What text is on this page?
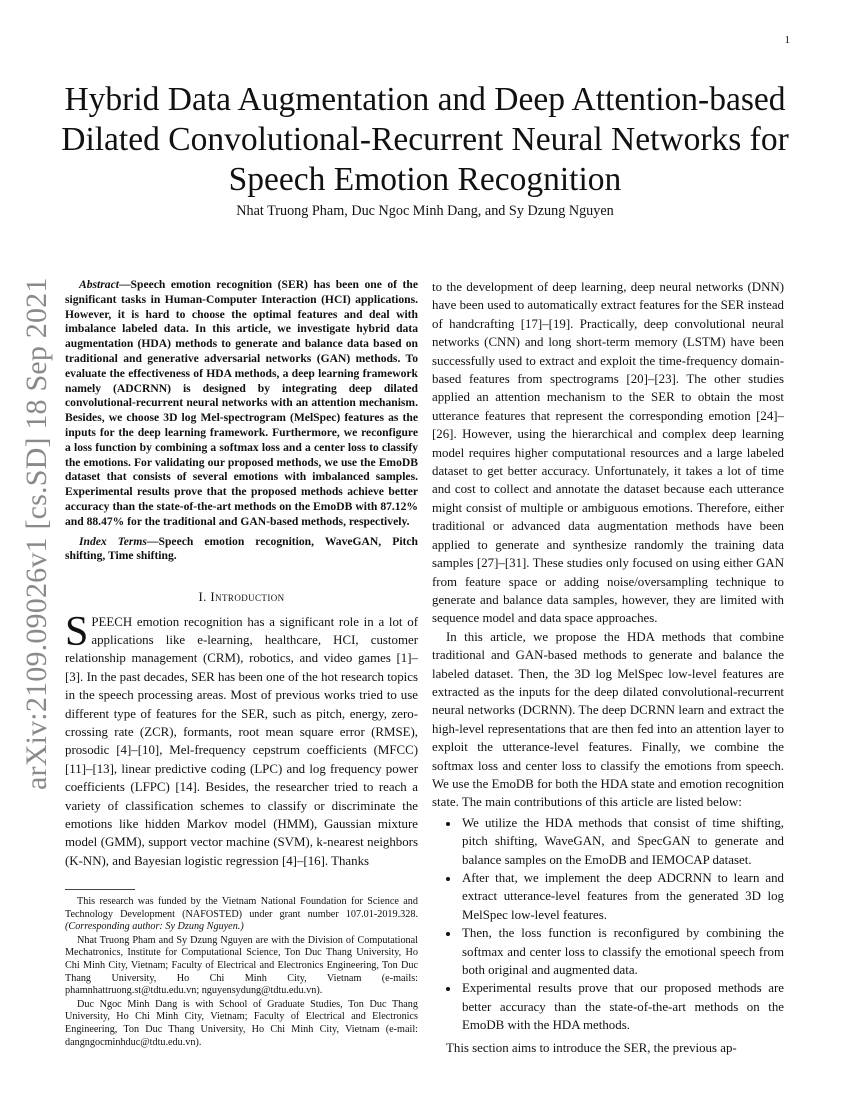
1
arXiv:2109.09026v1 [cs.SD] 18 Sep 2021
Hybrid Data Augmentation and Deep Attention-based Dilated Convolutional-Recurrent Neural Networks for Speech Emotion Recognition
Nhat Truong Pham, Duc Ngoc Minh Dang, and Sy Dzung Nguyen

Abstract—Speech emotion recognition (SER) has been one of the significant tasks in Human-Computer Interaction (HCI) applications. However, it is hard to choose the optimal features and deal with imbalance labeled data. In this article, we investigate hybrid data augmentation (HDA) methods to generate and balance data based on traditional and generative adversarial networks (GAN) methods. To evaluate the effectiveness of HDA methods, a deep learning framework namely (ADCRNN) is designed by integrating deep dilated convolutional-recurrent neural networks with an attention mechanism. Besides, we choose 3D log Mel-spectrogram (MelSpec) features as the inputs for the deep learning framework. Furthermore, we reconfigure a loss function by combining a softmax loss and a center loss to classify the emotions. For validating our proposed methods, we use the EmoDB dataset that consists of several emotions with imbalanced samples. Experimental results prove that the proposed methods achieve better accuracy than the state-of-the-art methods on the EmoDB with 87.12% and 88.47% for the traditional and GAN-based methods, respectively.

Index Terms—Speech emotion recognition, WaveGAN, Pitch shifting, Time shifting.

I. Introduction

SPEECH emotion recognition has a significant role in a lot of applications like e-learning, healthcare, HCI, customer relationship management (CRM), robotics, and video games [1]–[3]. In the past decades, SER has been one of the hot research topics in the speech processing areas. Most of previous works tried to use different type of features for the SER, such as pitch, energy, zero-crossing rate (ZCR), formants, root mean square error (RMSE), prosodic [4]–[10], Mel-frequency cepstrum coefficients (MFCC) [11]–[13], linear predictive coding (LPC) and log frequency power coefficients (LFPC) [14]. Besides, the researcher tried to reach a variety of classification schemes to classify or discriminate the emotions like hidden Markov model (HMM), Gaussian mixture model (GMM), support vector machine (SVM), k-nearest neighbors (K-NN), and Bayesian logistic regression [4]–[16]. Thanks

This research was funded by the Vietnam National Foundation for Science and Technology Development (NAFOSTED) under grant number 107.01-2019.328. (Corresponding author: Sy Dzung Nguyen.)

Nhat Truong Pham and Sy Dzung Nguyen are with the Division of Computational Mechatronics, Institute for Computational Science, Ton Duc Thang University, Ho Chi Minh City, Vietnam; Faculty of Electrical and Electronics Engineering, Ton Duc Thang University, Ho Chi Minh City, Vietnam (e-mails: phamnhattruong.st@tdtu.edu.vn; nguyensydung@tdtu.edu.vn).

Duc Ngoc Minh Dang is with School of Graduate Studies, Ton Duc Thang University, Ho Chi Minh City, Vietnam; Faculty of Electrical and Electronics Engineering, Ton Duc Thang University, Ho Chi Minh City, Vietnam (e-mail: dangngocminhduc@tdtu.edu.vn).

to the development of deep learning, deep neural networks (DNN) have been used to automatically extract features for the SER instead of handcrafting [17]–[19]. Practically, deep convolutional neural networks (CNN) and long short-term memory (LSTM) have been successfully used to extract and exploit the time-frequency domain-based features from spectrograms [20]–[23]. The other studies applied an attention mechanism to the SER to obtain the most utterance features that represent the corresponding emotion [24]–[26]. However, using the hierarchical and complex deep learning model requires higher computational resources and a large labeled dataset to get better accuracy. Unfortunately, it takes a lot of time and cost to collect and annotate the dataset because each utterance might consist of multiple or ambiguous emotions. Therefore, either traditional or advanced data augmentation methods have been applied to generate and synthesize randomly the training data samples [27]–[31]. These studies only focused on using either GAN from feature space or adding noise/oversampling technique to generate and balance data samples, however, they are limited with sequence model and data space approaches.

In this article, we propose the HDA methods that combine traditional and GAN-based methods to generate and balance the labeled dataset. Then, the 3D log MelSpec low-level features are extracted as the inputs for the deep dilated convolutional-recurrent neural networks (DCRNN). The deep DCRNN learn and extract the high-level representations that are then fed into an attention layer to exploit the utterance-level features. Finally, we combine the softmax loss and center loss to classify the emotions from speech. We use the EmoDB for both the HDA state and emotion recognition state. The main contributions of this article are listed below:

• We utilize the HDA methods that consist of time shifting, pitch shifting, WaveGAN, and SpecGAN to generate and balance samples on the EmoDB and IEMOCAP dataset.
• After that, we implement the deep ADCRNN to learn and extract utterance-level features from the generated 3D log MelSpec low-level features.
• Then, the loss function is reconfigured by combining the softmax and center loss to classify the emotional speech from both original and augmented data.
• Experimental results prove that our proposed methods are better accuracy than the state-of-the-art methods on the EmoDB with the HDA methods.

This section aims to introduce the SER, the previous ap-
